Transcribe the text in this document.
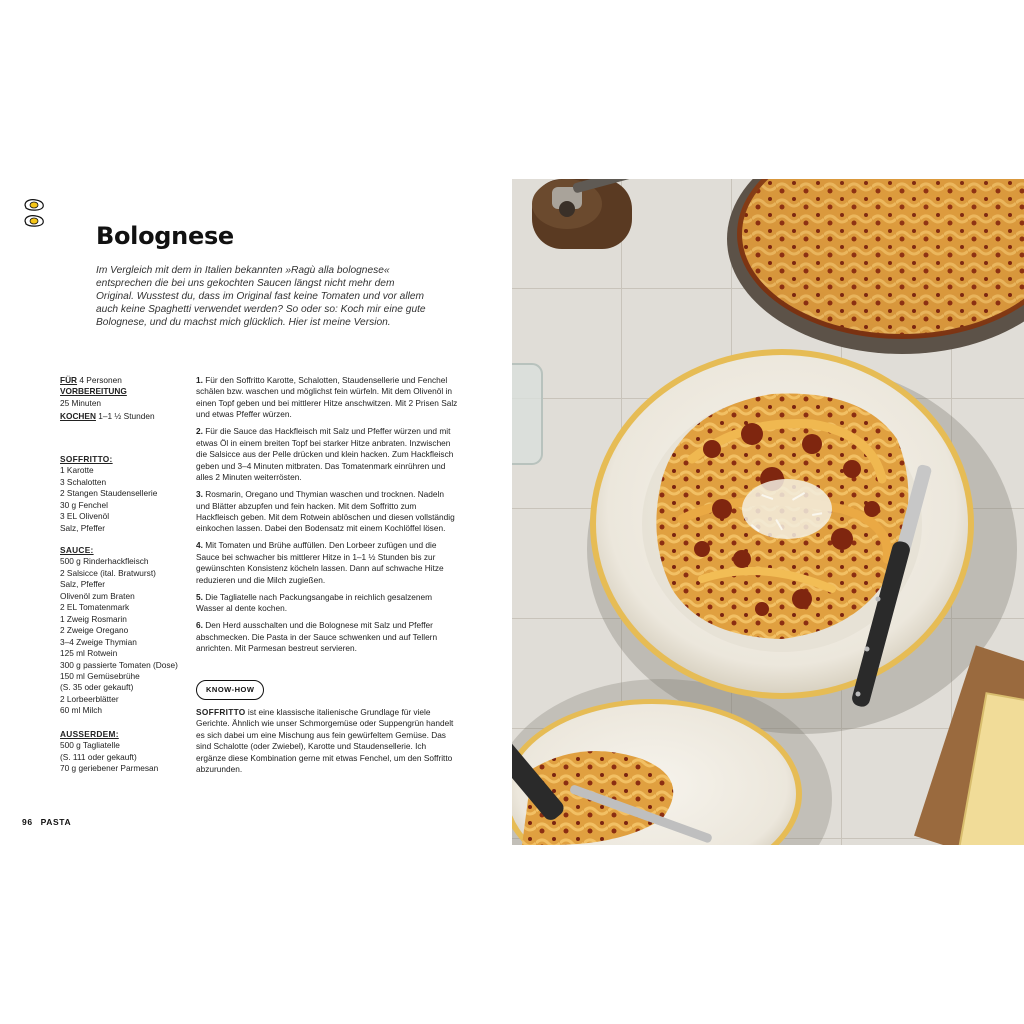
Bolognese

Im Vergleich mit dem in Italien bekannten »Ragù alla bolognese« entsprechen die bei uns gekochten Saucen längst nicht mehr dem Original. Wusstest du, dass im Original fast keine Tomaten und vor allem auch keine Spaghetti verwendet werden? So oder so: Koch mir eine gute Bolognese, und du machst mich glücklich. Hier ist meine Version.

FÜR 4 Personen
VORBEREITUNG
25 Minuten
KOCHEN 1–1 ½ Stunden
SOFFRITTO:
1 Karotte
3 Schalotten
2 Stangen Staudensellerie
30 g Fenchel
3 EL Olivenöl
Salz, Pfeffer
SAUCE:
500 g Rinderhackfleisch
2 Salsicce (ital. Bratwurst)
Salz, Pfeffer
Olivenöl zum Braten
2 EL Tomatenmark
1 Zweig Rosmarin
2 Zweige Oregano
3–4 Zweige Thymian
125 ml Rotwein
300 g passierte Tomaten (Dose)
150 ml Gemüsebrühe
(S. 35 oder gekauft)
2 Lorbeerblätter
60 ml Milch
AUSSERDEM:
500 g Tagliatelle
(S. 111 oder gekauft)
70 g geriebener Parmesan

1. Für den Soffritto Karotte, Schalotten, Staudensellerie und Fenchel schälen bzw. waschen und möglichst fein würfeln. Mit dem Olivenöl in einen Topf geben und bei mittlerer Hitze anschwitzen. Mit 2 Prisen Salz und etwas Pfeffer würzen.

2. Für die Sauce das Hackfleisch mit Salz und Pfeffer würzen und mit etwas Öl in einem breiten Topf bei starker Hitze anbraten. Inzwischen die Salsicce aus der Pelle drücken und klein hacken. Zum Hackfleisch geben und 3–4 Minuten mitbraten. Das Tomatenmark einrühren und alles 2 Minuten weiterrösten.

3. Rosmarin, Oregano und Thymian waschen und trocknen. Nadeln und Blätter abzupfen und fein hacken. Mit dem Soffritto zum Hackfleisch geben. Mit dem Rotwein ablöschen und diesen vollständig einkochen lassen. Dabei den Bodensatz mit einem Kochlöffel lösen.

4. Mit Tomaten und Brühe auffüllen. Den Lorbeer zufügen und die Sauce bei schwacher bis mittlerer Hitze in 1–1 ½ Stunden bis zur gewünschten Konsistenz köcheln lassen. Dann auf schwache Hitze reduzieren und die Milch zugießen.

5. Die Tagliatelle nach Packungsangabe in reichlich gesalzenem Wasser al dente kochen.

6. Den Herd ausschalten und die Bolognese mit Salz und Pfeffer abschmecken. Die Pasta in der Sauce schwenken und auf Tellern anrichten. Mit Parmesan bestreut servieren.

KNOW-HOW
SOFFRITTO ist eine klassische italienische Grundlage für viele Gerichte. Ähnlich wie unser Schmorgemüse oder Suppengrün handelt es sich dabei um eine Mischung aus fein gewürfeltem Gemüse. Das sind Schalotte (oder Zwiebel), Karotte und Staudensellerie. Ich ergänze diese Kombination gerne mit etwas Fenchel, um den Soffritto abzurunden.
96 PASTA
